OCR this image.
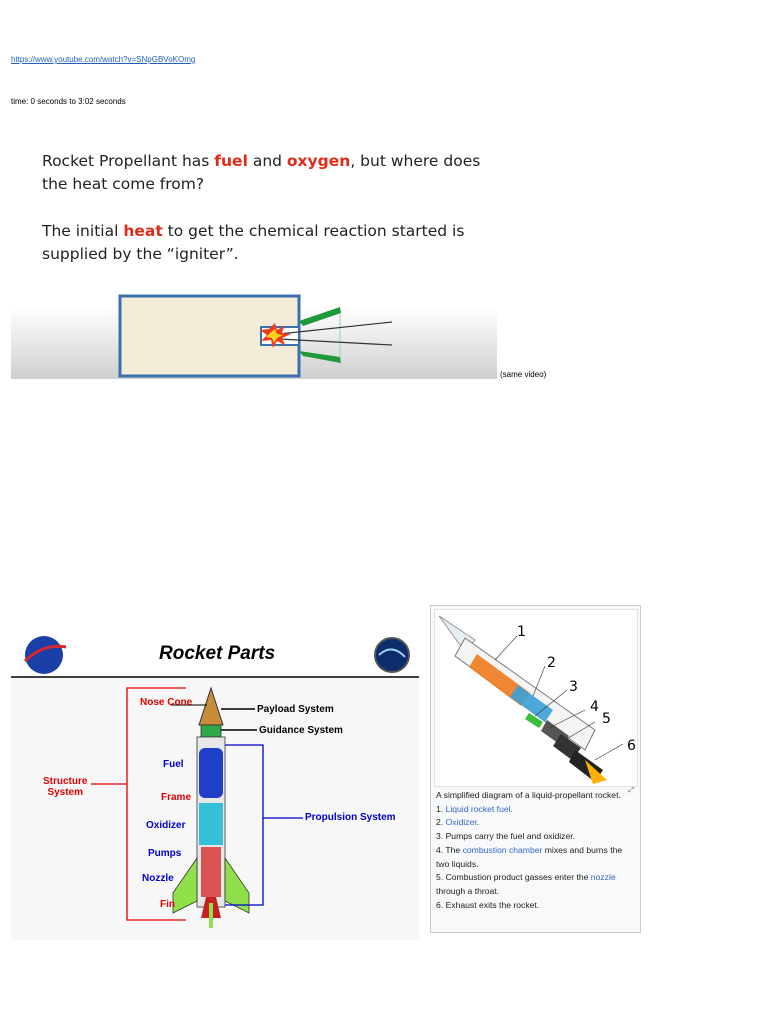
https://www.youtube.com/watch?v=SNpGBVoKOmg
time: 0 seconds to 3:02 seconds
Rocket Propellant has fuel and oxygen, but where does
the heat come from?
The initial heat to get the chemical reaction started is
supplied by the “igniter”.
(same video)
Rocket Parts
Nose Cone
Fuel
Frame
Oxidizer
Pumps
Nozzle
Fin
Payload System
Guidance System
Propulsion System
Structure
System
1
2
3
4
5
6
⤢
A simplified diagram of a liquid-propellant rocket.
1. Liquid rocket fuel.
2. Oxidizer.
3. Pumps carry the fuel and oxidizer.
4. The combustion chamber mixes and burns the two liquids.
5. Combustion product gasses enter the nozzle through a throat.
6. Exhaust exits the rocket.
